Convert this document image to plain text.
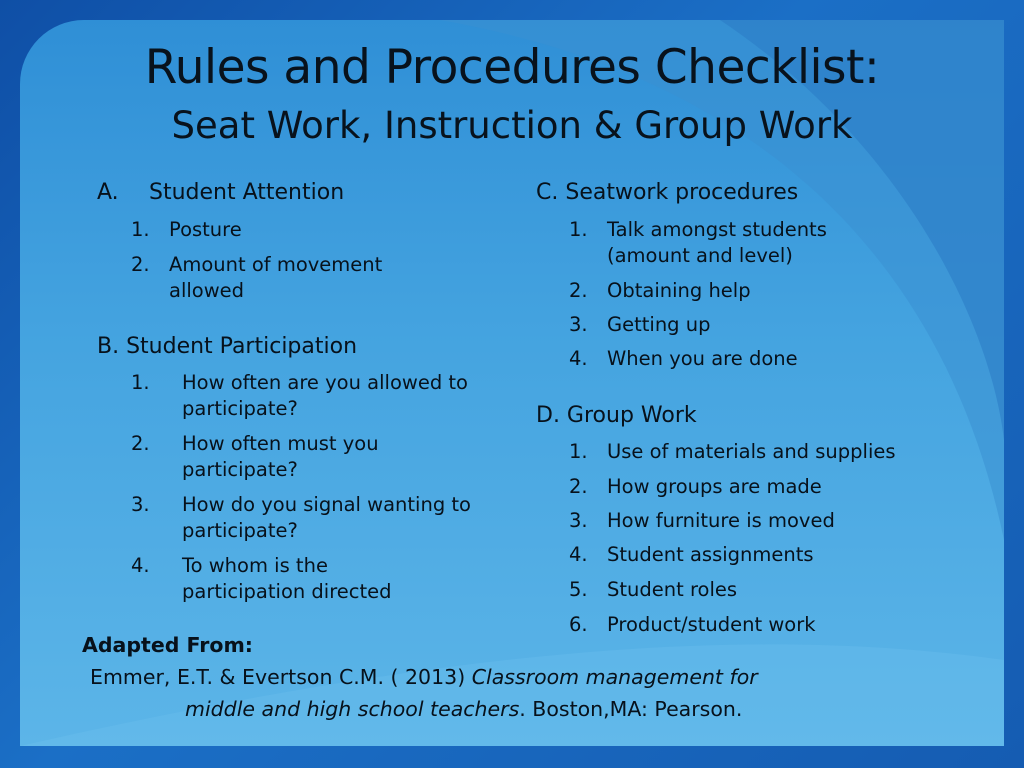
Rules and Procedures Checklist:
Seat Work, Instruction & Group Work
A. Student Attention
1. Posture
2. Amount of movement allowed
B. Student Participation
1. How often are you allowed to participate?
2. How often must you participate?
3. How do you signal wanting to participate?
4. To whom is the participation directed
C. Seatwork procedures
1. Talk amongst students (amount and level)
2. Obtaining help
3. Getting up
4. When you are done
D. Group Work
1. Use of materials and supplies
2. How groups are made
3. How furniture is moved
4. Student assignments
5. Student roles
6. Product/student work
Adapted From:
Emmer, E.T. & Evertson C.M. ( 2013) Classroom management for
middle and high school teachers. Boston,MA: Pearson.
